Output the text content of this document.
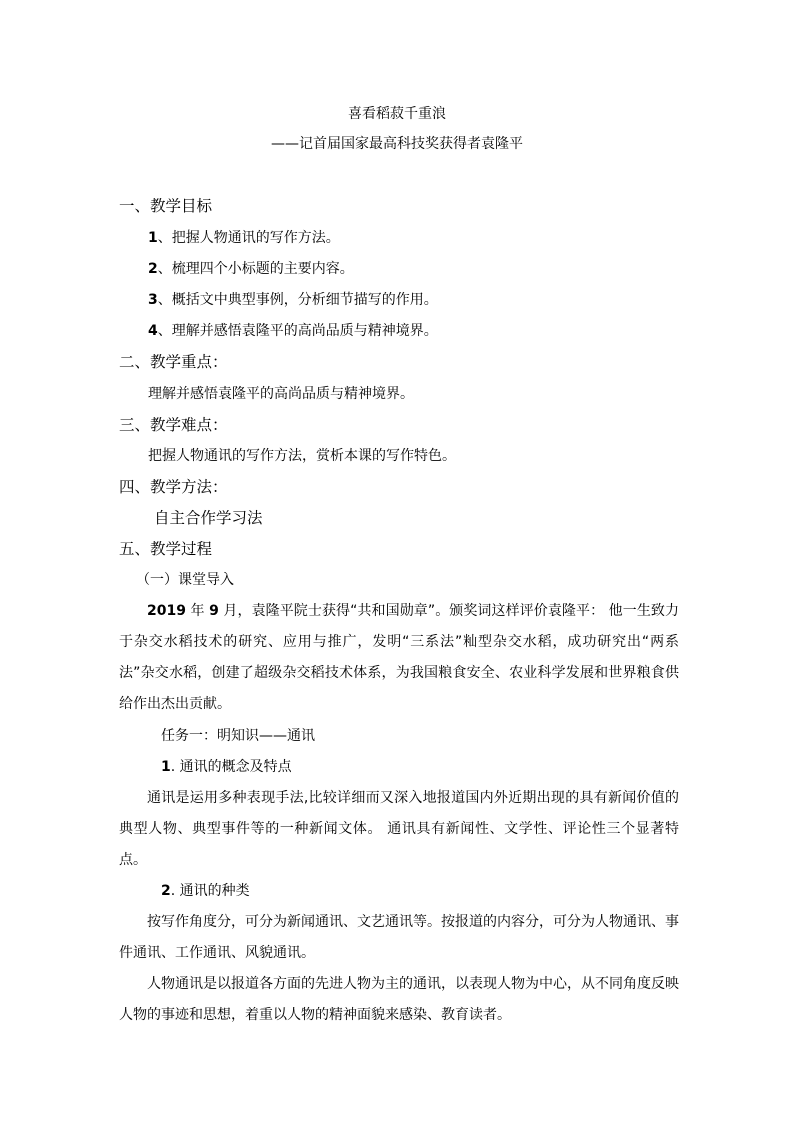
喜看稻菽千重浪
——记首届国家最高科技奖获得者袁隆平
一、教学目标
1、把握人物通讯的写作方法。
2、梳理四个小标题的主要内容。
3、概括文中典型事例，分析细节描写的作用。
4、理解并感悟袁隆平的高尚品质与精神境界。
二、教学重点：
理解并感悟袁隆平的高尚品质与精神境界。
三、教学难点：
把握人物通讯的写作方法，赏析本课的写作特色。
四、教学方法：
自主合作学习法
五、教学过程
（一）课堂导入
2019 年 9 月，袁隆平院士获得“共和国勋章”。颁奖词这样评价袁隆平： 他一生致力于杂交水稻技术的研究、应用与推广，发明“三系法”籼型杂交水稻，成功研究出“两系法”杂交水稻，创建了超级杂交稻技术体系，为我国粮食安全、农业科学发展和世界粮食供给作出杰出贡献。
任务一：明知识——通讯
1. 通讯的概念及特点
通讯是运用多种表现手法,比较详细而又深入地报道国内外近期出现的具有新闻价值的典型人物、典型事件等的一种新闻文体。 通讯具有新闻性、文学性、评论性三个显著特点。
2. 通讯的种类
按写作角度分，可分为新闻通讯、文艺通讯等。按报道的内容分，可分为人物通讯、事件通讯、工作通讯、风貌通讯。
人物通讯是以报道各方面的先进人物为主的通讯，以表现人物为中心，从不同角度反映人物的事迹和思想，着重以人物的精神面貌来感染、教育读者。
